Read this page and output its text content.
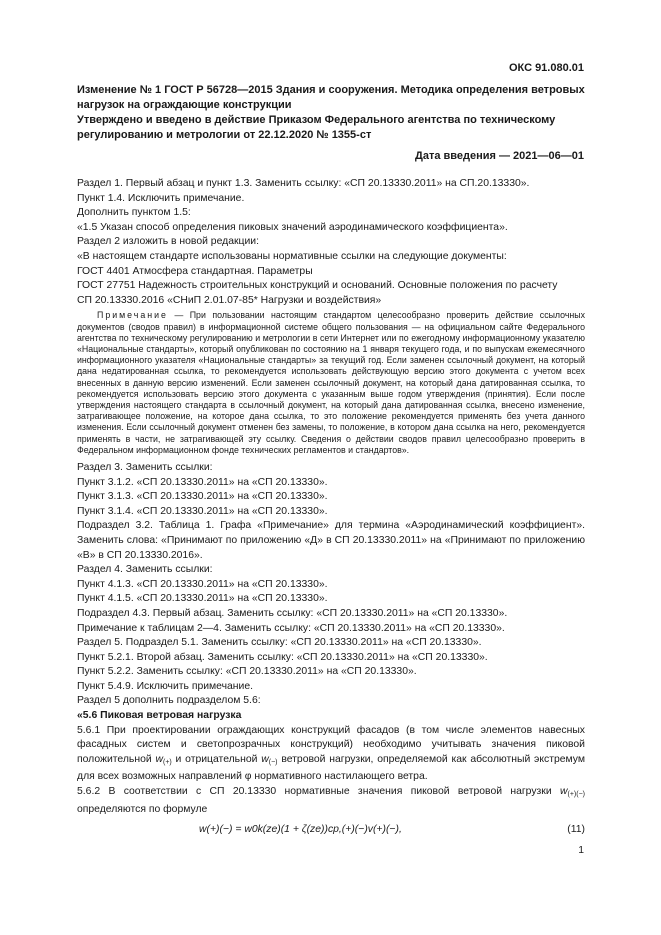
ОКС 91.080.01
Изменение № 1 ГОСТ Р 56728—2015 Здания и сооружения. Методика определения ветровых нагрузок на ограждающие конструкции
Утверждено и введено в действие Приказом Федерального агентства по техническому регулированию и метрологии от 22.12.2020 № 1355-ст
Дата введения — 2021—06—01

Раздел 1. Первый абзац и пункт 1.3. Заменить ссылку: «СП 20.13330.2011» на СП.20.13330».

Пункт 1.4. Исключить примечание.

Дополнить пунктом 1.5:

«1.5 Указан способ определения пиковых значений аэродинамического коэффициента».

Раздел 2 изложить в новой редакции:

«В настоящем стандарте использованы нормативные ссылки на следующие документы:

ГОСТ 4401 Атмосфера стандартная. Параметры

ГОСТ 27751 Надежность строительных конструкций и оснований. Основные положения по расчету

СП 20.13330.2016 «СНиП 2.01.07-85* Нагрузки и воздействия»

Примечание — При пользовании настоящим стандартом целесообразно проверить действие ссылочных документов (сводов правил) в информационной системе общего пользования — на официальном сайте Федерального агентства по техническому регулированию и метрологии в сети Интернет или по ежегодному информационному указателю «Национальные стандарты», который опубликован по состоянию на 1 января текущего года, и по выпускам ежемесячного информационного указателя «Национальные стандарты» за текущий год. Если заменен ссылочный документ, на который дана недатированная ссылка, то рекомендуется использовать действующую версию этого документа с учетом всех внесенных в данную версию изменений. Если заменен ссылочный документ, на который дана датированная ссылка, то рекомендуется использовать версию этого документа с указанным выше годом утверждения (принятия). Если после утверждения настоящего стандарта в ссылочный документ, на который дана датированная ссылка, внесено изменение, затрагивающее положение, на которое дана ссылка, то это положение рекомендуется применять без учета данного изменения. Если ссылочный документ отменен без замены, то положение, в котором дана ссылка на него, рекомендуется применять в части, не затрагивающей эту ссылку. Сведения о действии сводов правил целесообразно проверить в Федеральном информационном фонде технических регламентов и стандартов».

Раздел 3. Заменить ссылки:

Пункт 3.1.2. «СП 20.13330.2011» на «СП 20.13330».

Пункт 3.1.3. «СП 20.13330.2011» на «СП 20.13330».

Пункт 3.1.4. «СП 20.13330.2011» на «СП 20.13330».

Подраздел 3.2. Таблица 1. Графа «Примечание» для термина «Аэродинамический коэффициент». Заменить слова: «Принимают по приложению «Д» в СП 20.13330.2011» на «Принимают по приложению «В» в СП 20.13330.2016».

Раздел 4. Заменить ссылки:

Пункт 4.1.3. «СП 20.13330.2011» на «СП 20.13330».

Пункт 4.1.5. «СП 20.13330.2011» на «СП 20.13330».

Подраздел 4.3. Первый абзац. Заменить ссылку: «СП 20.13330.2011» на «СП 20.13330».

Примечание к таблицам 2—4. Заменить ссылку: «СП 20.13330.2011» на «СП 20.13330».

Раздел 5. Подраздел 5.1. Заменить ссылку: «СП 20.13330.2011» на «СП 20.13330».

Пункт 5.2.1. Второй абзац. Заменить ссылку: «СП 20.13330.2011» на «СП 20.13330».

Пункт 5.2.2. Заменить ссылку: «СП 20.13330.2011» на «СП 20.13330».

Пункт 5.4.9. Исключить примечание.

Раздел 5 дополнить подразделом 5.6:

«5.6 Пиковая ветровая нагрузка

5.6.1 При проектировании ограждающих конструкций фасадов (в том числе элементов навесных фасадных систем и светопрозрачных конструкций) необходимо учитывать значения пиковой положительной $w_{(+)}$ и отрицательной $w_{(-)}$ ветровой нагрузки, определяемой как абсолютный экстремум для всех возможных направлений φ нормативного настилающего ветра.

5.6.2 В соответствии с СП 20.13330 нормативные значения пиковой ветровой нагрузки $w_{(+)(-)}$ определяются по формуле

w(+)(−) = w0k(ze)(1 + ζ(ze))cp,(+)(−)v(+)(−),	(11)
1
